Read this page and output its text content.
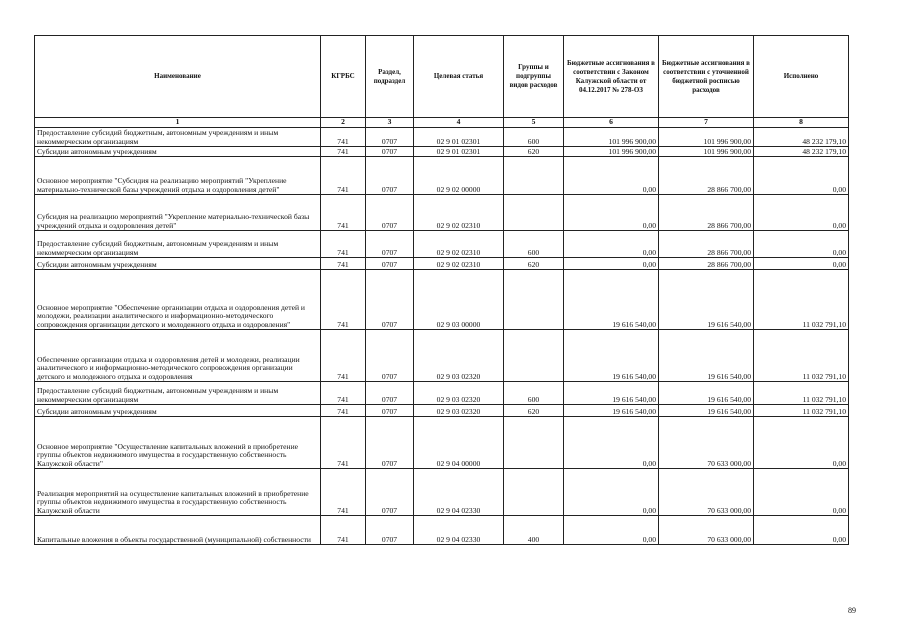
Наименование	КГРБС	Раздел, подраздел	Целевая статья	Группы и подгруппы видов расходов	Бюджетные ассигнования в соответствии с Законом Калужской области от 04.12.2017 № 278-ОЗ	Бюджетные ассигнования в соответствии с уточненной бюджетной росписью расходов	Исполнено
1	2	3	4	5	6	7	8
Предоставление субсидий бюджетным, автономным учреждениям и иным некоммерческим организациям	741	0707	02 9 01 02301	600	101 996 900,00	101 996 900,00	48 232 179,10
Субсидии автономным учреждениям	741	0707	02 9 01 02301	620	101 996 900,00	101 996 900,00	48 232 179,10
Основное мероприятие "Субсидия на реализацию мероприятий "Укрепление материально-технической базы учреждений отдыха и оздоровления детей"	741	0707	02 9 02 00000		0,00	28 866 700,00	0,00
Субсидия на реализацию мероприятий "Укрепление материально-технической базы учреждений отдыха и оздоровления детей"	741	0707	02 9 02 02310		0,00	28 866 700,00	0,00
Предоставление субсидий бюджетным, автономным учреждениям и иным некоммерческим организациям	741	0707	02 9 02 02310	600	0,00	28 866 700,00	0,00
Субсидии автономным учреждениям	741	0707	02 9 02 02310	620	0,00	28 866 700,00	0,00
Основное мероприятие "Обеспечение организации отдыха и оздоровления детей и молодежи, реализации аналитического и информационно-методического сопровождения организации детского и молодежного отдыха и оздоровления"	741	0707	02 9 03 00000		19 616 540,00	19 616 540,00	11 032 791,10
Обеспечение организации отдыха и оздоровления детей и молодежи, реализации аналитического и информационно-методического сопровождения организации детского и молодежного отдыха и оздоровления	741	0707	02 9 03 02320		19 616 540,00	19 616 540,00	11 032 791,10
Предоставление субсидий бюджетным, автономным учреждениям и иным некоммерческим организациям	741	0707	02 9 03 02320	600	19 616 540,00	19 616 540,00	11 032 791,10
Субсидии автономным учреждениям	741	0707	02 9 03 02320	620	19 616 540,00	19 616 540,00	11 032 791,10
Основное мероприятие "Осуществление капитальных вложений в приобретение группы объектов недвижимого имущества в государственную собственность Калужской области"	741	0707	02 9 04 00000		0,00	70 633 000,00	0,00
Реализация мероприятий на осуществление капитальных вложений в приобретение группы объектов недвижимого имущества в государственную собственность Калужской области	741	0707	02 9 04 02330		0,00	70 633 000,00	0,00
Капитальные вложения в объекты государственной (муниципальной) собственности	741	0707	02 9 04 02330	400	0,00	70 633 000,00	0,00
89
